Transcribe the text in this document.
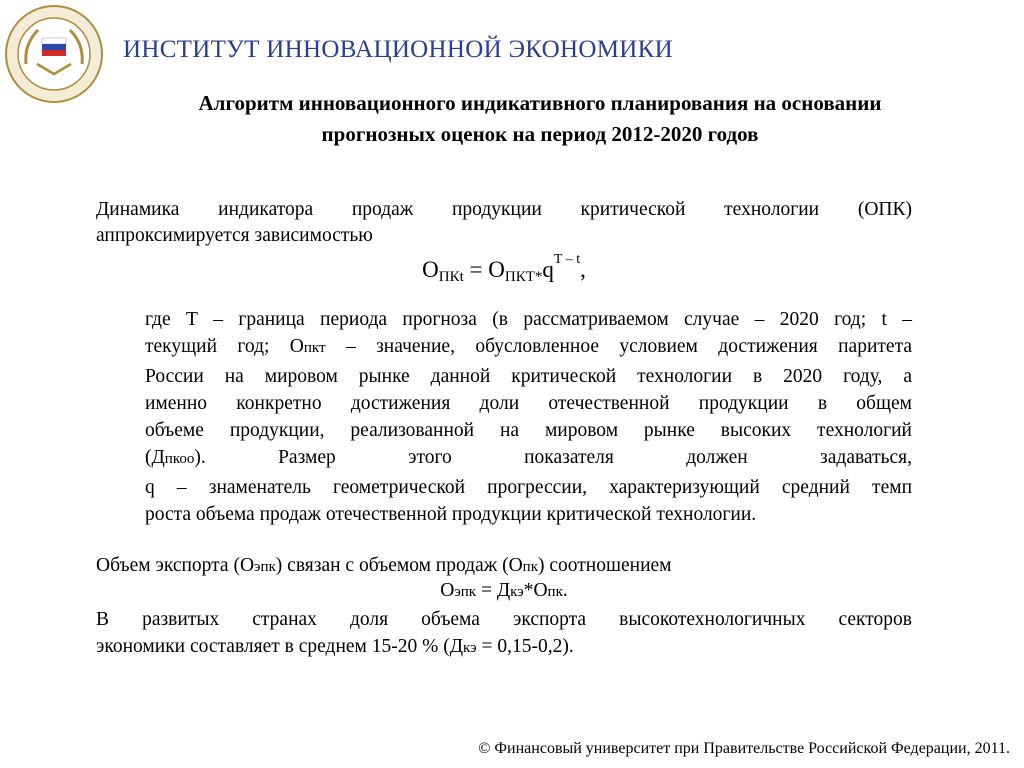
ИНСТИТУТ ИННОВАЦИОННОЙ ЭКОНОМИКИ
Алгоритм инновационного индикативного планирования на основании
прогнозных оценок на период 2012-2020 годов
Динамика индикатора продаж продукции критической технологии (ОПК)
аппроксимируется зависимостью
$О_{ПКt} = О_{ПКТ*}q^{T - t}$,
где Т – граница периода прогноза (в рассматриваемом случае – 2020 год; t –
текущий год; Опкт – значение, обусловленное условием достижения паритета
России на мировом рынке данной критической технологии в 2020 году, а
именно конкретно достижения доли отечественной продукции в общем
объеме продукции, реализованной на мировом рынке высоких технологий
(Дпкоо). Размер этого показателя должен задаваться,
q – знаменатель геометрической прогрессии, характеризующий средний темп
роста объема продаж отечественной продукции критической технологии.
Объем экспорта (Оэпк) связан с объемом продаж (Опк) соотношением
Оэпк = Дкэ*Опк.
В развитых странах доля объема экспорта высокотехнологичных секторов
экономики составляет в среднем 15-20 % (Дкэ = 0,15-0,2).
© Финансовый университет при Правительстве Российской Федерации, 2011.
